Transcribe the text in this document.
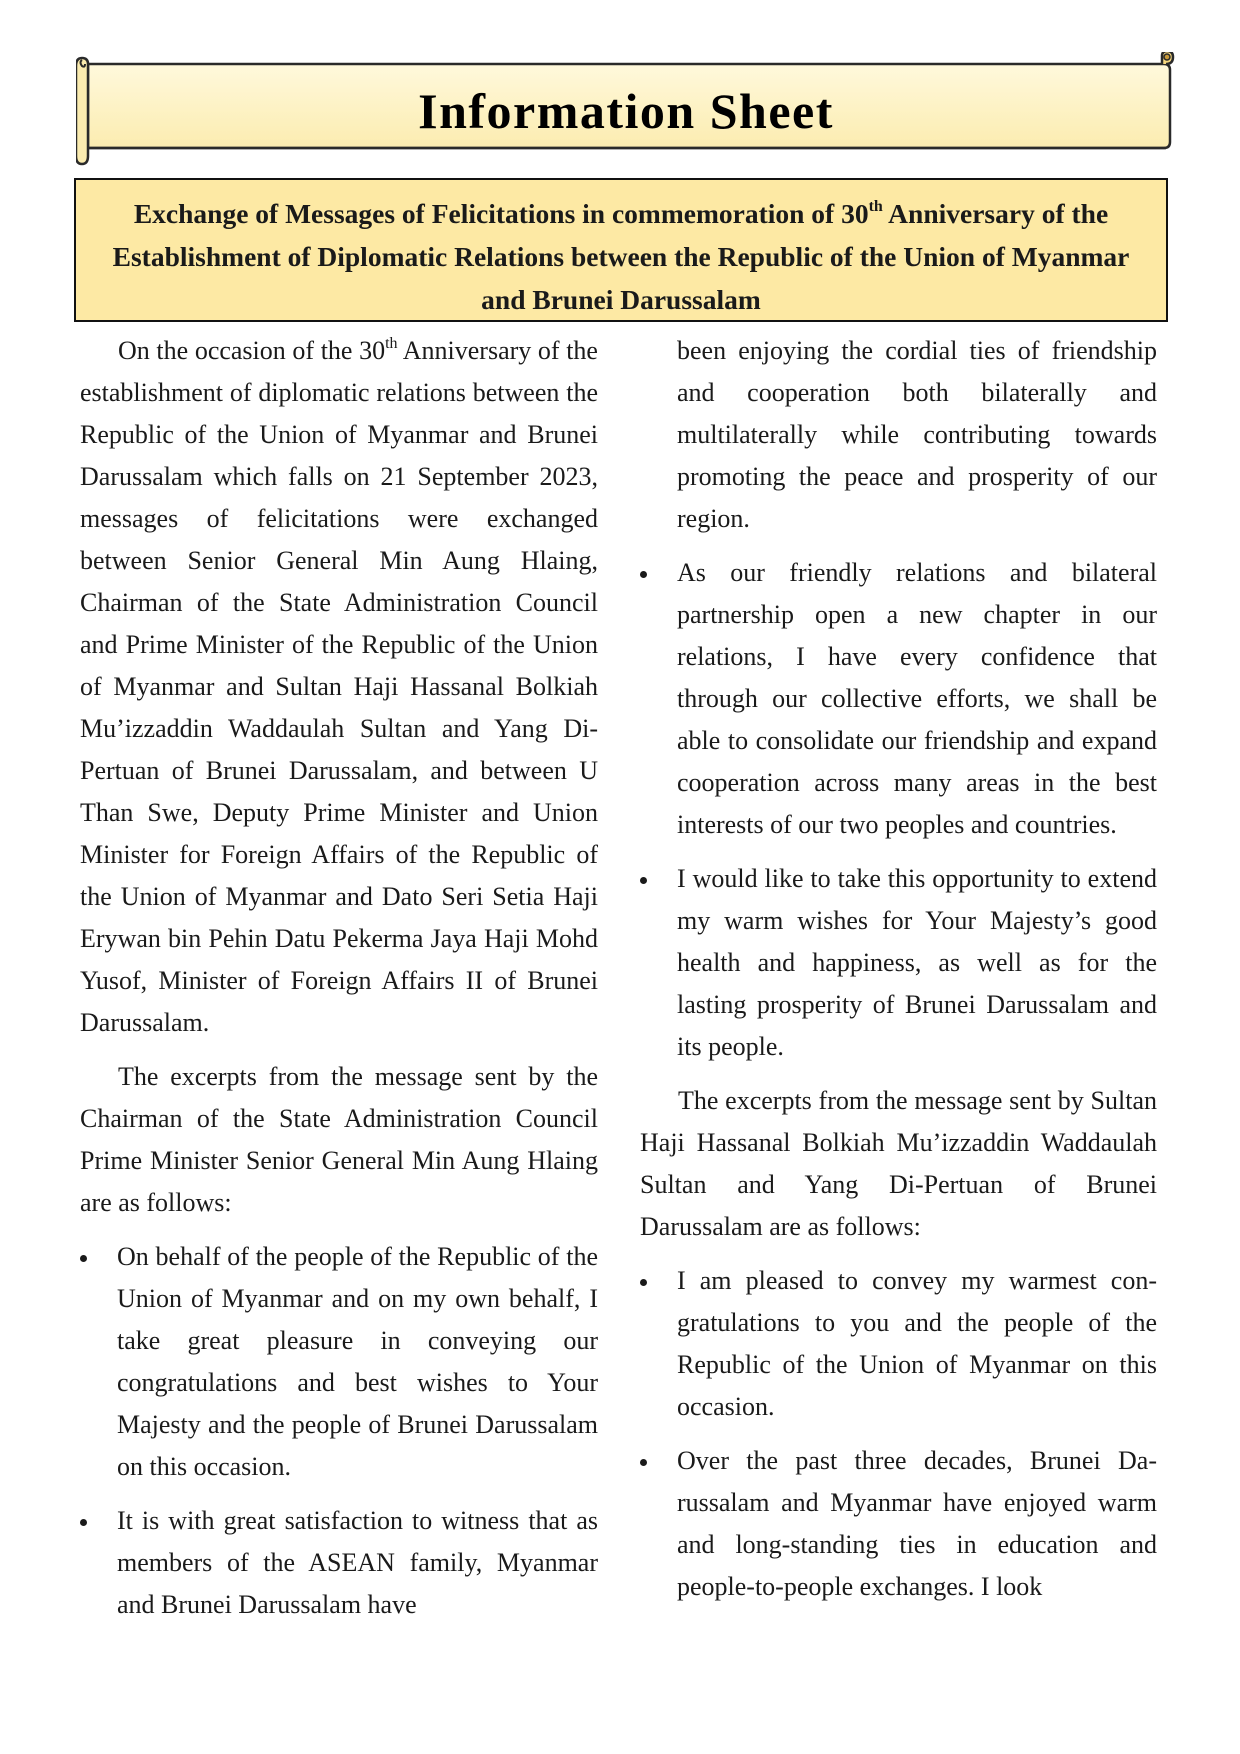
Information Sheet
Exchange of Messages of Felicitations in commemoration of 30th Anniversary of the Establishment of Diplomatic Relations between the Republic of the Union of Myanmar and Brunei Darussalam

On the occasion of the 30th Anniversary of the establishment of diplomatic relations between the Republic of the Union of Myanmar and Brunei Darussalam which falls on 21 September 2023, messages of felicitations were exchanged between Senior General Min Aung Hlaing, Chairman of the State Administration Council and Prime Minister of the Republic of the Union of Myanmar and Sultan Haji Hassanal Bolkiah Mu’izzaddin Waddaulah Sultan and Yang Di-Pertuan of Brunei Darussalam, and between U Than Swe, Deputy Prime Minister and Union Minister for Foreign Affairs of the Republic of the Union of Myanmar and Dato Seri Setia Haji Erywan bin Pehin Datu Pekerma Jaya Haji Mohd Yusof, Minister of Foreign Affairs II of Brunei Darussalam.

The excerpts from the message sent by the Chairman of the State Administration Council Prime Minister Senior General Min Aung Hlaing are as follows:

On behalf of the people of the Republic of the Union of Myanmar and on my own behalf, I take great pleasure in conveying our congratulations and best wishes to Your Majesty and the people of Brunei Darussalam on this occasion.
It is with great satisfaction to witness that as members of the ASEAN family, Myanmar and Brunei Darussalam have

been enjoying the cordial ties of friendship and cooperation both bilaterally and multilaterally while contributing towards promoting the peace and prosperity of our region.

As our friendly relations and bilateral partnership open a new chapter in our relations, I have every confidence that through our collective efforts, we shall be able to consolidate our friendship and expand cooperation across many areas in the best interests of our two peoples and countries.
I would like to take this opportunity to extend my warm wishes for Your Majesty’s good health and happiness, as well as for the lasting prosperity of Brunei Darussalam and its people.

The excerpts from the message sent by Sultan Haji Hassanal Bolkiah Mu’izzaddin Waddaulah Sultan and Yang Di-Pertuan of Brunei Darussalam are as follows:

I am pleased to convey my warmest congratulations to you and the people of the Republic of the Union of Myanmar on this occasion.
Over the past three decades, Brunei Darussalam and Myanmar have enjoyed warm and long-standing ties in education and people-to-people exchanges. I look
